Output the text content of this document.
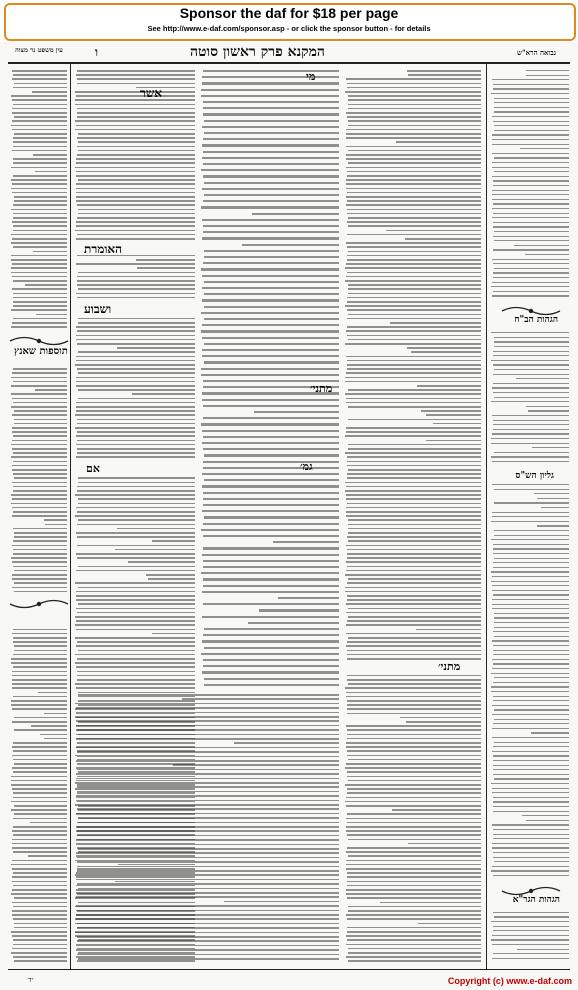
Sponsor the daf for $18 per page
See http://www.e-daf.com/sponsor.asp - or click the sponsor button - for details
נבואה הרא"ש
המקנא פרק ראשון סוטה
ו
עין משפט נר מצוה
תוספות שאנץ
הגהות הב"ח
גליון הש"ס
הגהות הגר"א
מי
אשר
האומרת
ושבוע
אם
מתני׳
גמ׳
מתני׳
Copyright (c) www.e-daf.com
יד
